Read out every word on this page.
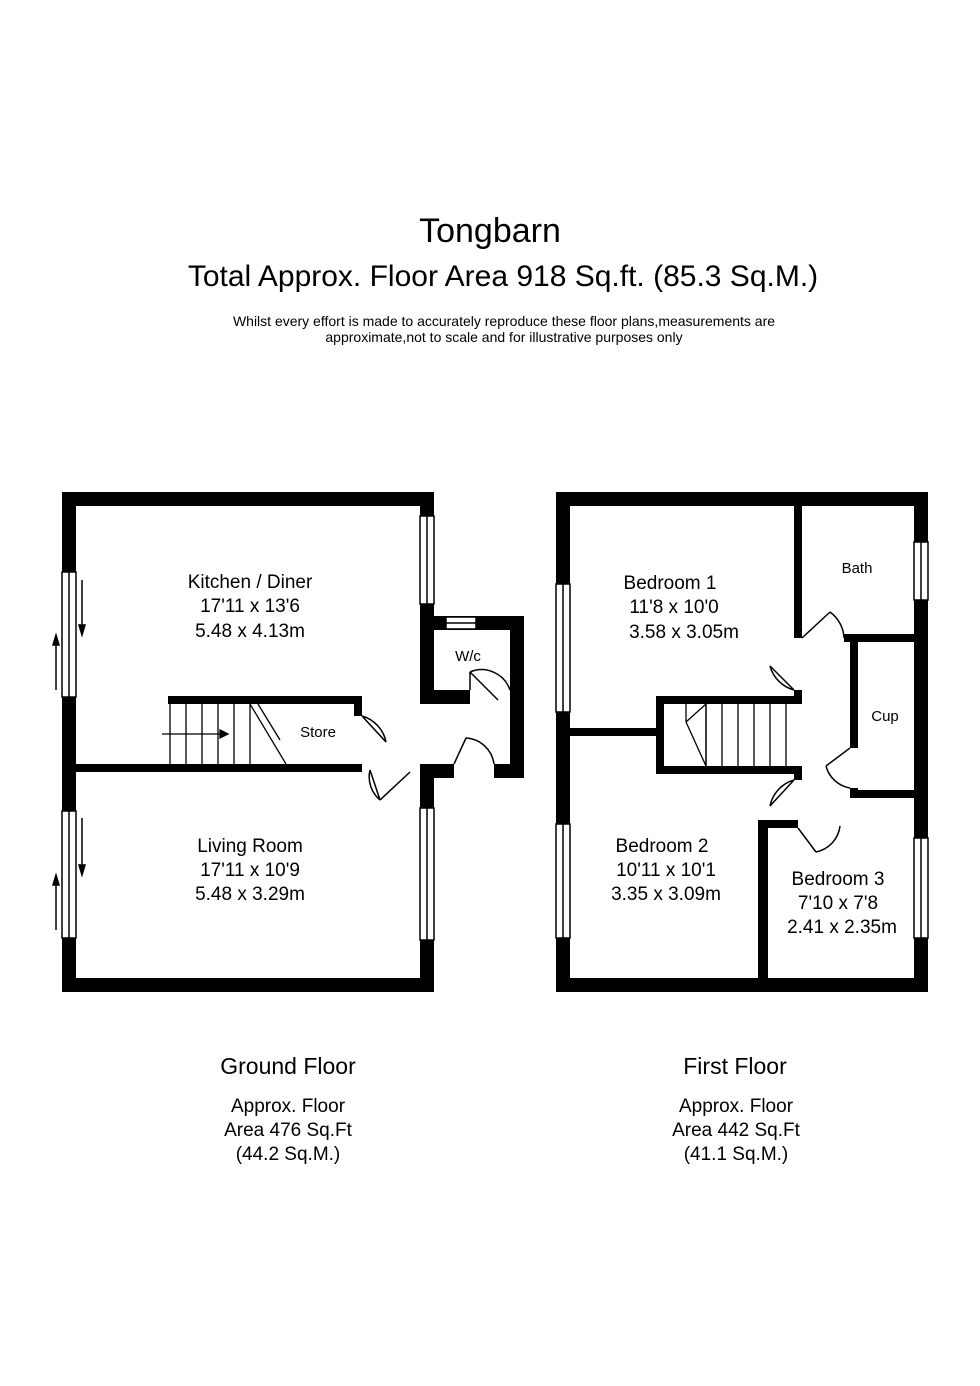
Tongbarn
Total Approx. Floor Area 918 Sq.ft. (85.3 Sq.M.)
Whilst every effort is made to accurately reproduce these floor plans,measurements are
approximate,not to scale and for illustrative purposes only
Kitchen / Diner
17'11 x 13'6
5.48 x 4.13m
Store
W/c
Living Room
17'11 x 10'9
5.48 x 3.29m
Bedroom 1
11'8 x 10'0
3.58 x 3.05m
Bath
Cup
Bedroom 2
10'11 x 10'1
3.35 x 3.09m
Bedroom 3
7'10 x 7'8
2.41 x 2.35m
Ground Floor
Approx. Floor
Area 476 Sq.Ft
(44.2 Sq.M.)
First Floor
Approx. Floor
Area 442 Sq.Ft
(41.1 Sq.M.)
